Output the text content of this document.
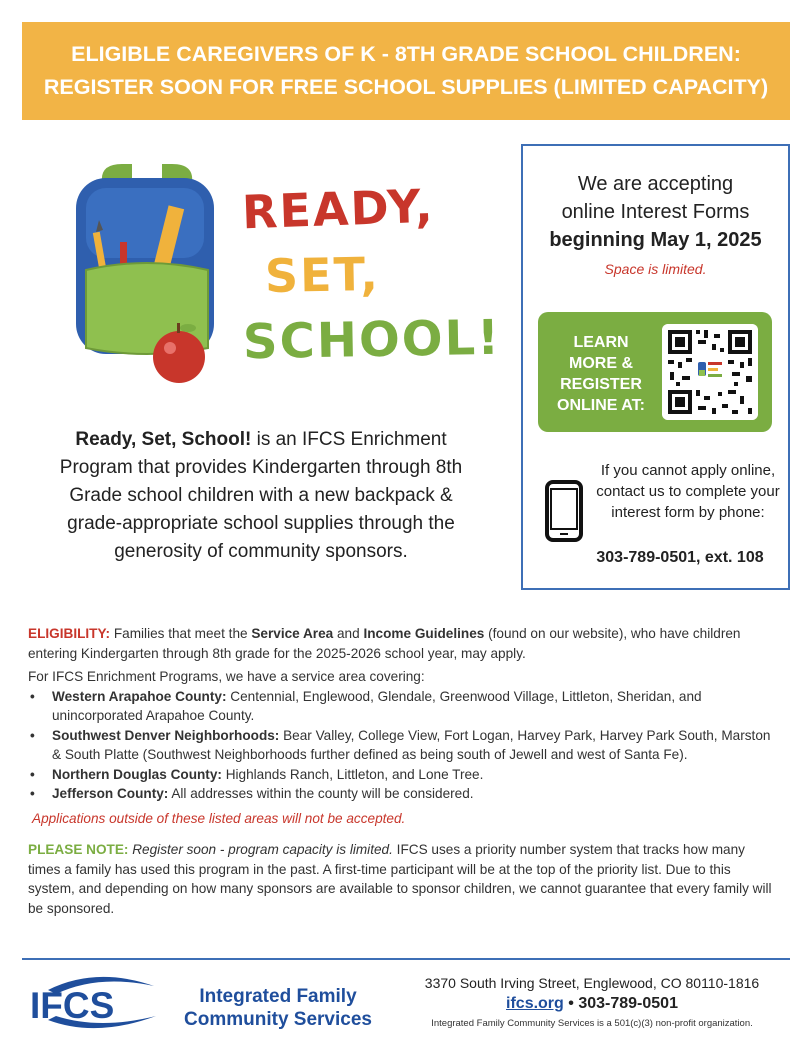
ELIGIBLE CAREGIVERS OF K - 8TH GRADE SCHOOL CHILDREN:
REGISTER SOON FOR FREE SCHOOL SUPPLIES (LIMITED CAPACITY)
READY,
SET,
SCHOOL!
Ready, Set, School! is an IFCS Enrichment Program that provides Kindergarten through 8th Grade school children with a new backpack & grade-appropriate school supplies through the generosity of community sponsors.
We are accepting
online Interest Forms
beginning May 1, 2025
Space is limited.
LEARN
MORE &
REGISTER
ONLINE AT:
If you cannot apply online, contact us to complete your interest form by phone:
303-789-0501, ext. 108

ELIGIBILITY: Families that meet the Service Area and Income Guidelines (found on our website), who have children entering Kindergarten through 8th grade for the 2025-2026 school year, may apply.

For IFCS Enrichment Programs, we have a service area covering:

• Western Arapahoe County: Centennial, Englewood, Glendale, Greenwood Village, Littleton, Sheridan, and unincorporated Arapahoe County.
• Southwest Denver Neighborhoods: Bear Valley, College View, Fort Logan, Harvey Park, Harvey Park South, Marston & South Platte (Southwest Neighborhoods further defined as being south of Jewell and west of Santa Fe).
• Northern Douglas County: Highlands Ranch, Littleton, and Lone Tree.
• Jefferson County: All addresses within the county will be considered.

Applications outside of these listed areas will not be accepted.

PLEASE NOTE: Register soon - program capacity is limited. IFCS uses a priority number system that tracks how many times a family has used this program in the past. A first-time participant will be at the top of the priority list. Due to this system, and depending on how many sponsors are available to sponsor children, we cannot guarantee that every family will be sponsored.

IFCS	Integrated Family
Community Services
3370 South Irving Street, Englewood, CO 80110-1816
ifcs.org • 303-789-0501
Integrated Family Community Services is a 501(c)(3) non-profit organization.
